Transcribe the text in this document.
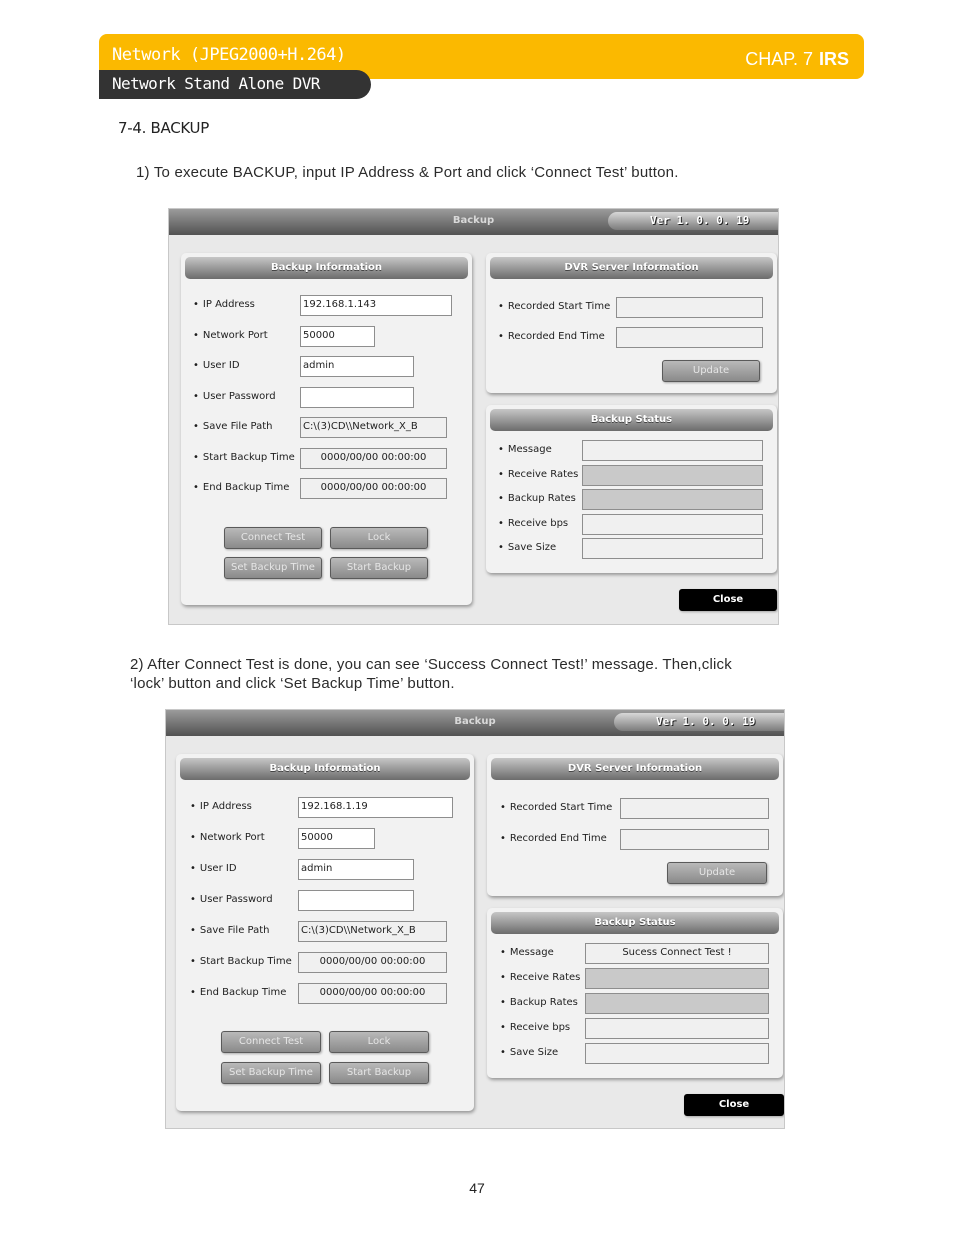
Network (JPEG2000+H.264)	CHAP. 7 IRS
Network Stand Alone DVR
7-4. BACKUP
1) To execute BACKUP, input IP Address & Port and click ‘Connect Test’ button.
Backup	Ver 1. 0. 0. 19
Backup Information
• IP Address	192.168.1.143
• Network Port	50000
• User ID	admin
• User Password
• Save File Path	C:\(3)CD\\Network_X_B
• Start Backup Time	0000/00/00 00:00:00
• End Backup Time	0000/00/00 00:00:00
Connect Test	Lock
Set Backup Time	Start Backup
DVR Server Information
• Recorded Start Time
• Recorded End Time
Update
Backup Status
• Message
• Receive Rates
• Backup Rates
• Receive bps
• Save Size
Close
2) After Connect Test is done, you can see ‘Success Connect Test!’ message. Then,click
‘lock’ button and click ‘Set Backup Time’ button.
Backup	Ver 1. 0. 0. 19
Backup Information
• IP Address	192.168.1.19
• Network Port	50000
• User ID	admin
• User Password
• Save File Path	C:\(3)CD\\Network_X_B
• Start Backup Time	0000/00/00 00:00:00
• End Backup Time	0000/00/00 00:00:00
Connect Test	Lock
Set Backup Time	Start Backup
DVR Server Information
• Recorded Start Time
• Recorded End Time
Update
Backup Status
• Message	Sucess Connect Test !
• Receive Rates
• Backup Rates
• Receive bps
• Save Size
Close
47
